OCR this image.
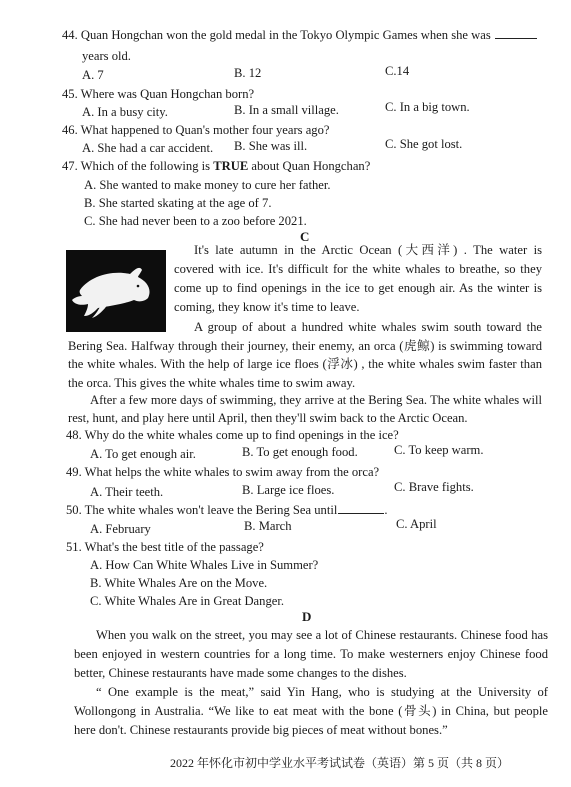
44. Quan Hongchan won the gold medal in the Tokyo Olympic Games when she was
years old.
A. 7	B. 12	C.14
45. Where was Quan Hongchan born?
A. In a busy city.	B. In a small village.	C. In a big town.
46. What happened to Quan's mother four years ago?
A. She had a car accident. B. She was ill.	C. She got lost.
47. Which of the following is TRUE about Quan Hongchan?
A. She wanted to make money to cure her father.
B. She started skating at the age of 7.
C. She had never been to a zoo before 2021.
C
It's late autumn in the Arctic Ocean (大西洋) . The water is
covered with ice. It's difficult for the white whales to breathe, so they
come up to find openings in the ice to get enough air. As the winter is
coming, they know it's time to leave.
A group of about a hundred white whales swim south toward the
Bering Sea. Halfway through their journey, their enemy, an orca (虎鲸) is swimming toward
the white whales. With the help of large ice floes (浮冰) , the white whales swim faster than
the orca. This gives the white whales time to swim away.
After a few more days of swimming, they arrive at the Bering Sea. The white whales will
rest, hunt, and play here until April, then they'll swim back to the Arctic Ocean.
48. Why do the white whales come up to find openings in the ice?
A. To get enough air.	B. To get enough food.	C. To keep warm.
49. What helps the white whales to swim away from the orca?
A. Their teeth.	B. Large ice floes.	C. Brave fights.
50. The white whales won't leave the Bering Sea until	.
A. February	B. March	C. April
51. What's the best title of the passage?
A. How Can White Whales Live in Summer?
B. White Whales Are on the Move.
C. White Whales Are in Great Danger.
D
When you walk on the street, you may see a lot of Chinese restaurants. Chinese food has
been enjoyed in western countries for a long time. To make westerners enjoy Chinese food
better, Chinese restaurants have made some changes to the dishes.
“ One example is the meat,” said Yin Hang, who is studying at the University of
Wollongong in Australia. “We like to eat meat with the bone (骨头) in China, but people
here don't. Chinese restaurants provide big pieces of meat without bones.”
2022 年怀化市初中学业水平考试试卷（英语）第 5 页（共 8 页）
